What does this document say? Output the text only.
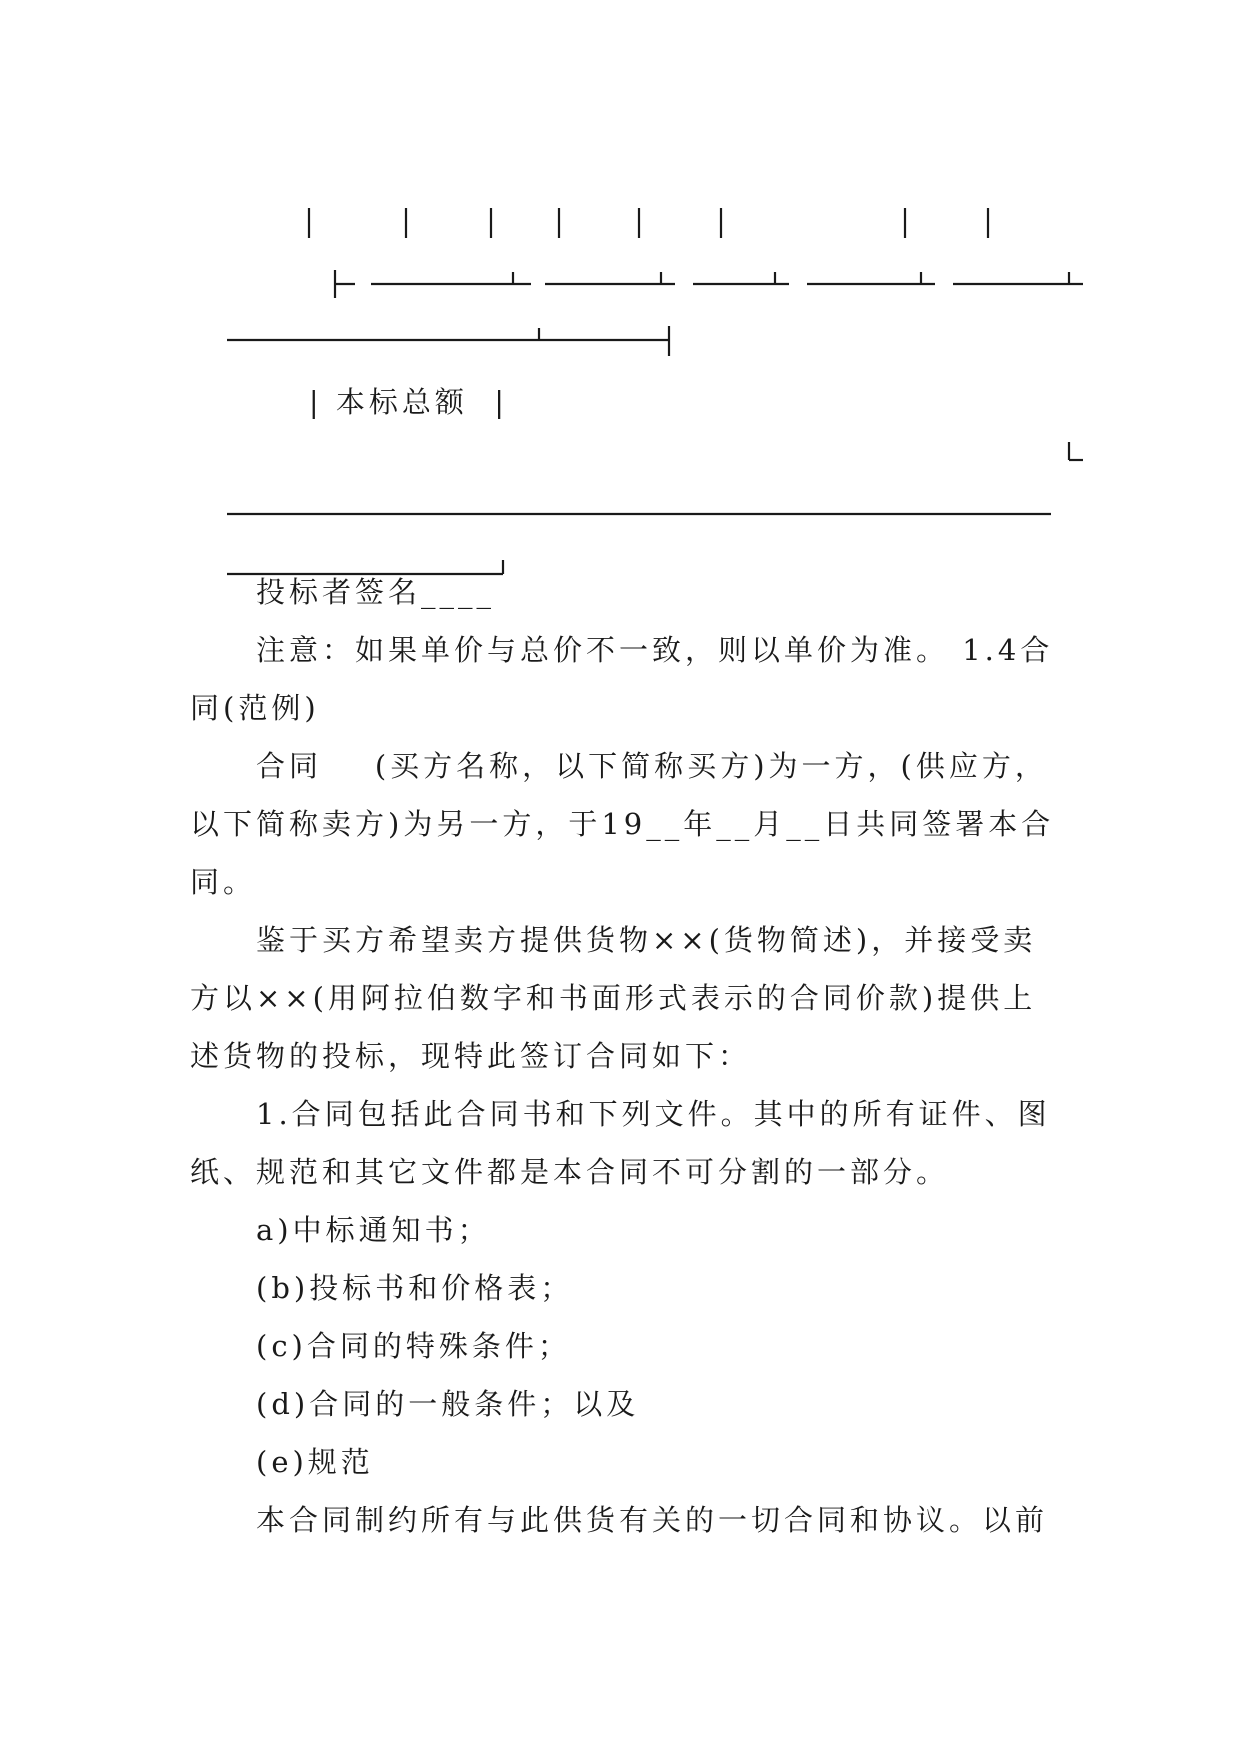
| 本标总额  |

投标者签名____
注意：如果单价与总价不一致，则以单价为准。 1.4合
同(范例)
合同    (买方名称，以下简称买方)为一方，(供应方，
以下简称卖方)为另一方，于19__年__月__日共同签署本合
同。
鉴于买方希望卖方提供货物××(货物简述)，并接受卖
方以××(用阿拉伯数字和书面形式表示的合同价款)提供上
述货物的投标，现特此签订合同如下：
1.合同包括此合同书和下列文件。其中的所有证件、图
纸、规范和其它文件都是本合同不可分割的一部分。
a)中标通知书；
(b)投标书和价格表；
(c)合同的特殊条件；
(d)合同的一般条件；以及
(e)规范
本合同制约所有与此供货有关的一切合同和协议。以前
